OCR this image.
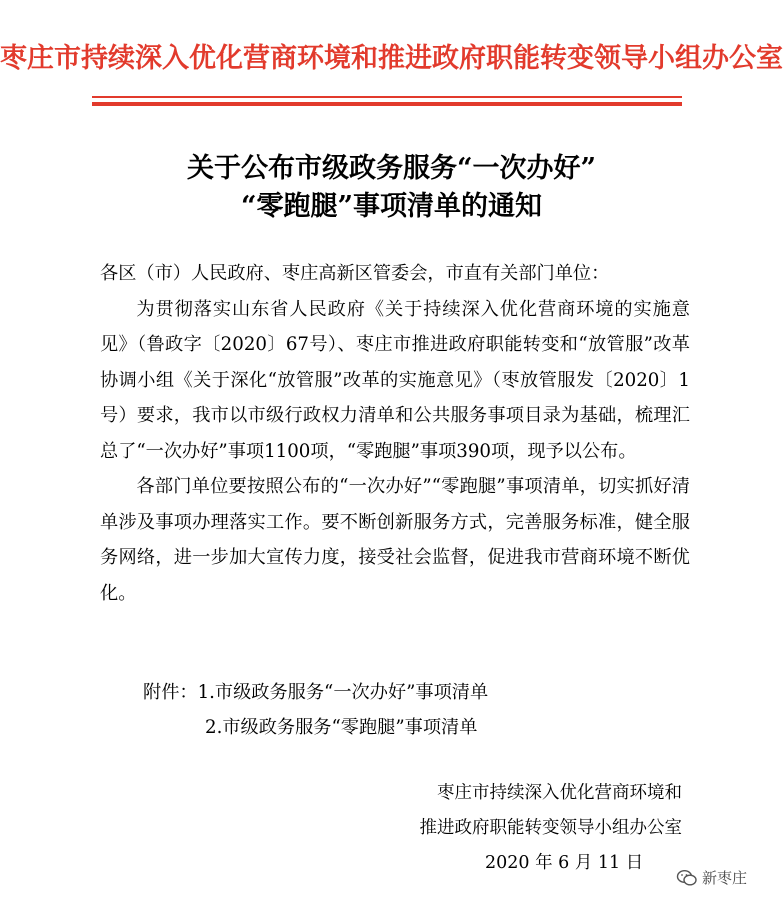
枣庄市持续深入优化营商环境和推进政府职能转变领导小组办公室
关于公布市级政务服务“一次办好”
“零跑腿”事项清单的通知

各区（市）人民政府、枣庄高新区管委会，市直有关部门单位：

为贯彻落实山东省人民政府《关于持续深入优化营商环境的实施意见》（鲁政字〔2020〕67号）、枣庄市推进政府职能转变和“放管服”改革协调小组《关于深化“放管服”改革的实施意见》（枣放管服发〔2020〕1号）要求，我市以市级行政权力清单和公共服务事项目录为基础，梳理汇总了“一次办好”事项1100项，“零跑腿”事项390项，现予以公布。

各部门单位要按照公布的“一次办好”“零跑腿”事项清单，切实抓好清单涉及事项办理落实工作。要不断创新服务方式，完善服务标准，健全服务网络，进一步加大宣传力度，接受社会监督，促进我市营商环境不断优化。

附件：1.市级政务服务“一次办好”事项清单
2.市级政务服务“零跑腿”事项清单
枣庄市持续深入优化营商环境和
推进政府职能转变领导小组办公室
2020 年 6 月 11 日
新枣庄
